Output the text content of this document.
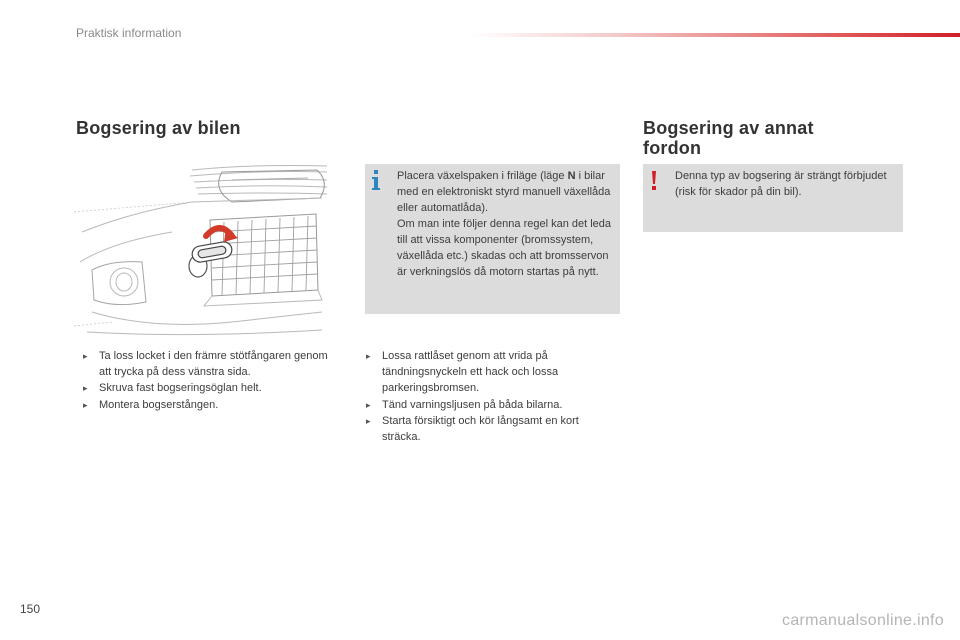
Praktisk information
Bogsering av bilen
Placera växelspaken i friläge (läge N i bilar med en elektroniskt styrd manuell växellåda eller automatlåda).
Om man inte följer denna regel kan det leda till att vissa komponenter (bromssystem, växellåda etc.) skadas och att bromsservon är verkningslös då motorn startas på nytt.
Bogsering av annat fordon
Denna typ av bogsering är strängt förbjudet (risk för skador på din bil).
▸ Ta loss locket i den främre stötfångaren genom att trycka på dess vänstra sida.
▸ Skruva fast bogseringsöglan helt.
▸ Montera bogserstången.
▸ Lossa rattlåset genom att vrida på tändningsnyckeln ett hack och lossa parkeringsbromsen.
▸ Tänd varningsljusen på båda bilarna.
▸ Starta försiktigt och kör långsamt en kort sträcka.
150
carmanualsonline.info
